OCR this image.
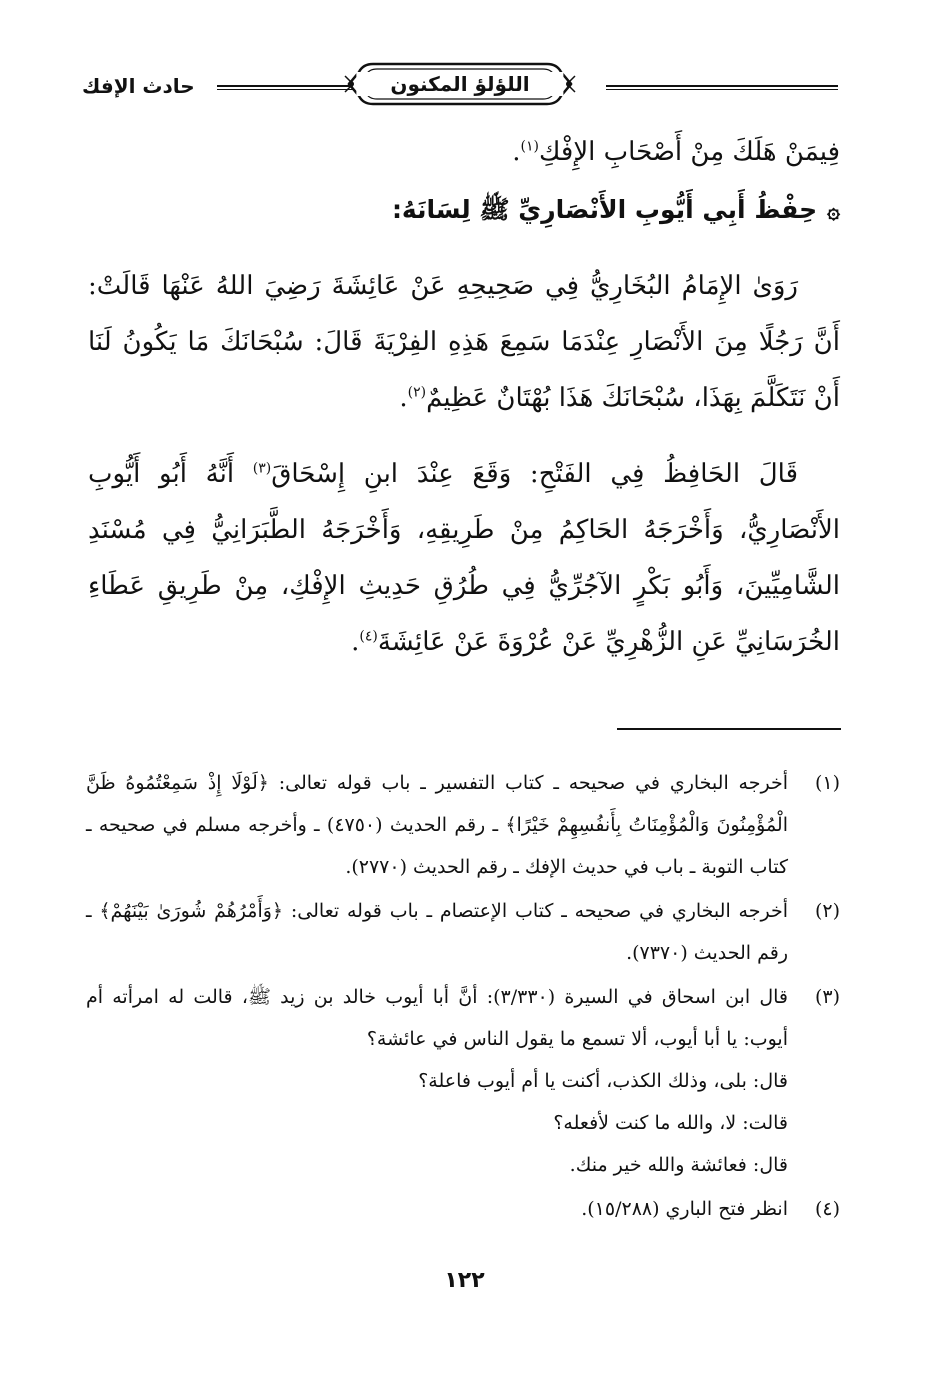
اللؤلؤ المكنون
حادث الإفك

فِيمَنْ هَلَكَ مِنْ أَصْحَابِ الإِفْكِ$^{(١)}$.

۞حِفْظُ أَبِي أَيُّوبِ الأَنْصَارِيِّ ﷺ لِسَانَهُ:

رَوَىٰ الإِمَامُ البُخَارِيُّ فِي صَحِيحِهِ عَنْ عَائِشَةَ رَضِيَ اللهُ عَنْهَا قَالَتْ: أَنَّ رَجُلًا مِنَ الأَنْصَارِ عِنْدَمَا سَمِعَ هَذِهِ الفِرْيَةَ قَالَ: سُبْحَانَكَ مَا يَكُونُ لَنَا أَنْ نَتَكَلَّمَ بِهَذَا، سُبْحَانَكَ هَذَا بُهْتَانٌ عَظِيمٌ$^{(٢)}$.

قَالَ الحَافِظُ فِي الفَتْحِ: وَقَعَ عِنْدَ ابنِ إِسْحَاقَ$^{(٣)}$ أَنَّهُ أَبُو أَيُّوبِ الأَنْصَارِيُّ، وَأَخْرَجَهُ الحَاكِمُ مِنْ طَرِيقِهِ، وَأَخْرَجَهُ الطَّبَرَانِيُّ فِي مُسْنَدِ الشَّامِيِّينَ، وَأَبُو بَكْرٍ الآجُرِّيُّ فِي طُرُقِ حَدِيثِ الإِفْكِ، مِنْ طَرِيقِ عَطَاءِ الخُرَسَانِيِّ عَنِ الزُّهْرِيِّ عَنْ عُرْوَةَ عَنْ عَائِشَةَ$^{(٤)}$.

(١)
أخرجه البخاري في صحيحه ـ كتاب التفسير ـ باب قوله تعالى: ﴿لَوْلَا إِذْ سَمِعْتُمُوهُ ظَنَّ الْمُؤْمِنُونَ وَالْمُؤْمِنَاتُ بِأَنفُسِهِمْ خَيْرًا﴾ ـ رقم الحديث (٤٧٥٠) ـ وأخرجه مسلم في صحيحه ـ كتاب التوبة ـ باب في حديث الإفك ـ رقم الحديث (٢٧٧٠).
(٢)
أخرجه البخاري في صحيحه ـ كتاب الإعتصام ـ باب قوله تعالى: ﴿وَأَمْرُهُمْ شُورَىٰ بَيْنَهُمْ﴾ ـ رقم الحديث (٧٣٧٠).
(٣)
قال ابن اسحاق في السيرة (٣/٣٣٠): أنَّ أبا أيوب خالد بن زيد ﷺ، قالت له امرأته أم أيوب: يا أبا أيوب، ألا تسمع ما يقول الناس في عائشة؟
قال: بلى، وذلك الكذب، أكنت يا أم أيوب فاعلة؟
قالت: لا، والله ما كنت لأفعله؟
قال: فعائشة والله خير منك.
(٤)
انظر فتح الباري (١٥/٢٨٨).
١٢٢
